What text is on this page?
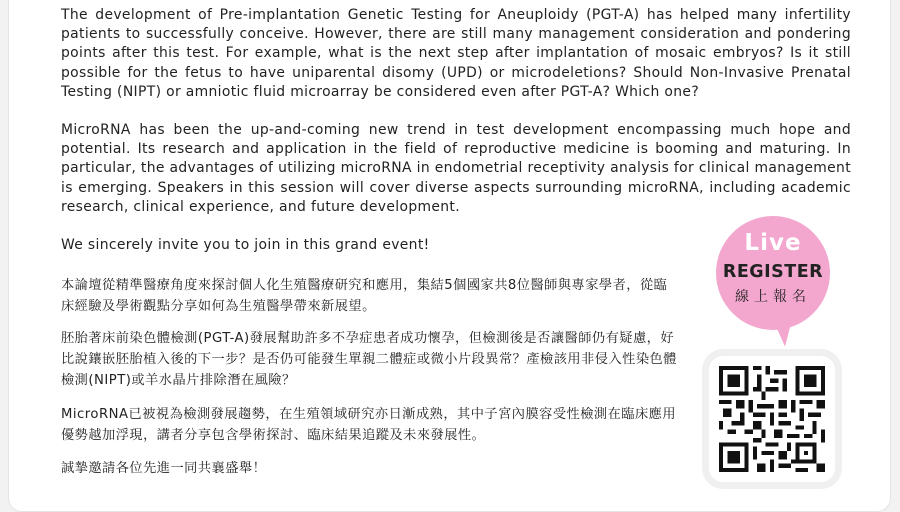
The development of Pre-implantation Genetic Testing for Aneuploidy (PGT-A) has helped many infertility patients to successfully conceive. However, there are still many management consideration and pondering points after this test. For example, what is the next step after implantation of mosaic embryos? Is it still possible for the fetus to have uniparental disomy (UPD) or microdeletions? Should Non-Invasive Prenatal Testing (NIPT) or amniotic fluid microarray be considered even after PGT-A? Which one?

MicroRNA has been the up-and-coming new trend in test development encompassing much hope and potential. Its research and application in the field of reproductive medicine is booming and maturing. In particular, the advantages of utilizing microRNA in endometrial receptivity analysis for clinical management is emerging. Speakers in this session will cover diverse aspects surrounding microRNA, including academic research, clinical experience, and future development.

We sincerely invite you to join in this grand event!

本論壇從精準醫療角度來探討個人化生殖醫療研究和應用，集結5個國家共8位醫師與專家學者，從臨床經驗及學術觀點分享如何為生殖醫學帶來新展望。

胚胎著床前染色體檢測(PGT-A)發展幫助許多不孕症患者成功懷孕，但檢測後是否讓醫師仍有疑慮，好比說鑲嵌胚胎植入後的下一步？是否仍可能發生單親二體症或微小片段異常？產檢該用非侵入性染色體檢測(NIPT)或羊水晶片排除潛在風險？

MicroRNA已被視為檢測發展趨勢，在生殖領域研究亦日漸成熟，其中子宮內膜容受性檢測在臨床應用優勢越加浮現，講者分享包含學術探討、臨床結果追蹤及未來發展性。

誠摯邀請各位先進一同共襄盛舉！

Live
REGISTER
線上報名
